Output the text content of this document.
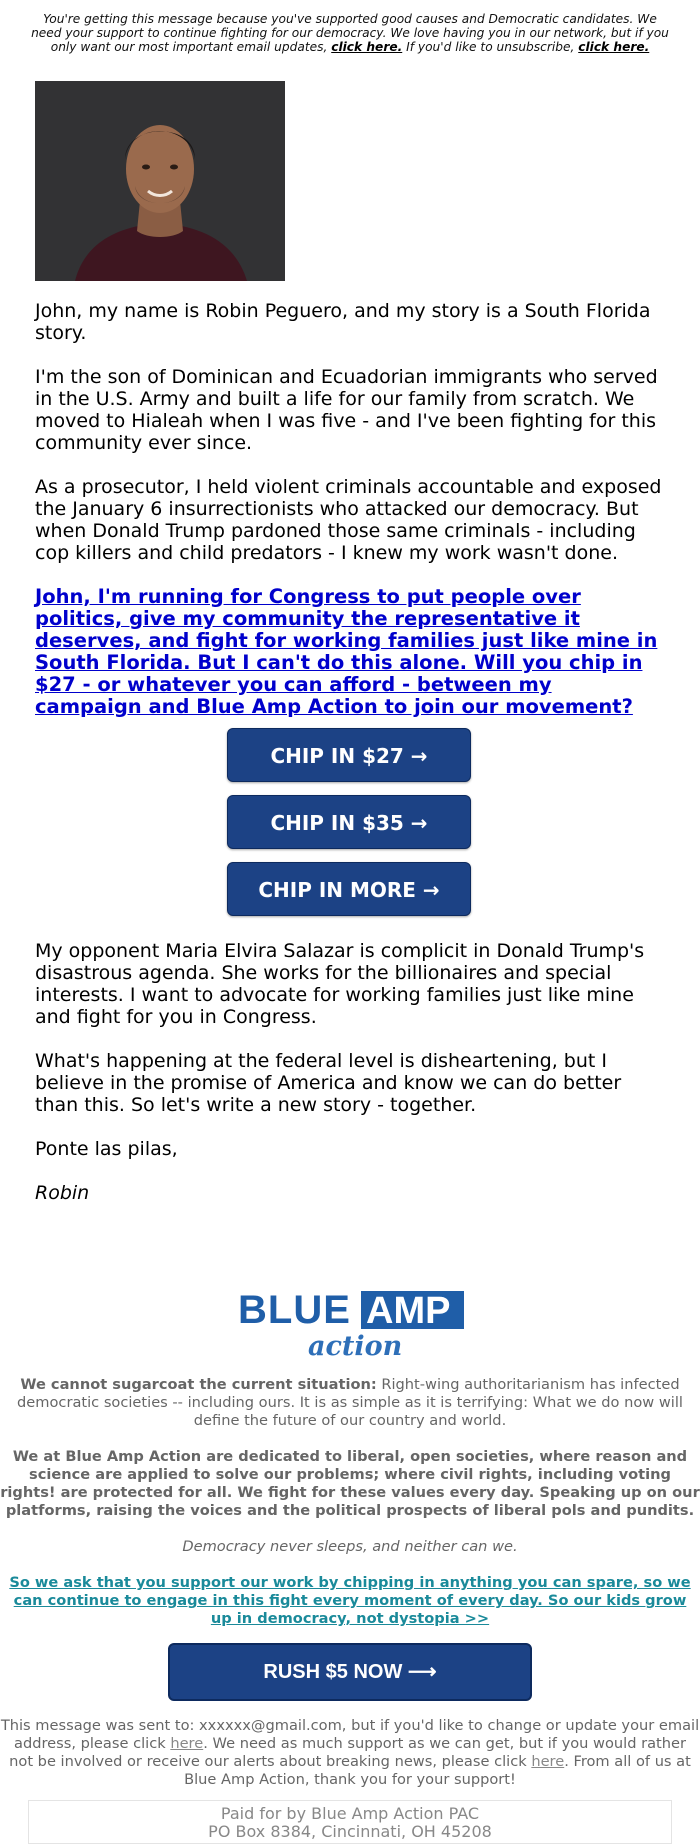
You're getting this message because you've supported good causes and Democratic candidates. We need your support to continue fighting for our democracy. We love having you in our network, but if you only want our most important email updates, click here. If you'd like to unsubscribe, click here.

John, my name is Robin Peguero, and my story is a South Florida story.

I'm the son of Dominican and Ecuadorian immigrants who served in the U.S. Army and built a life for our family from scratch. We moved to Hialeah when I was five - and I've been fighting for this community ever since.

As a prosecutor, I held violent criminals accountable and exposed the January 6 insurrectionists who attacked our democracy. But when Donald Trump pardoned those same criminals - including cop killers and child predators - I knew my work wasn't done.

John, I'm running for Congress to put people over politics, give my community the representative it deserves, and fight for working families just like mine in South Florida. But I can't do this alone. Will you chip in $27 - or whatever you can afford - between my campaign and Blue Amp Action to join our movement?
CHIP IN $27 →
CHIP IN $35 →
CHIP IN MORE →

My opponent Maria Elvira Salazar is complicit in Donald Trump's disastrous agenda. She works for the billionaires and special interests. I want to advocate for working families just like mine and fight for you in Congress.

What's happening at the federal level is disheartening, but I believe in the promise of America and know we can do better than this. So let's write a new story - together.

Ponte las pilas,

Robin

BLUE AMP
action

We cannot sugarcoat the current situation: Right-wing authoritarianism has infected democratic societies -- including ours. It is as simple as it is terrifying: What we do now will define the future of our country and world.

We at Blue Amp Action are dedicated to liberal, open societies, where reason and science are applied to solve our problems; where civil rights, including voting rights! are protected for all. We fight for these values every day. Speaking up on our platforms, raising the voices and the political prospects of liberal pols and pundits.

Democracy never sleeps, and neither can we.

So we ask that you support our work by chipping in anything you can spare, so we can continue to engage in this fight every moment of every day. So our kids grow up in democracy, not dystopia >>

RUSH $5 NOW ⟶
This message was sent to: xxxxxx@gmail.com, but if you'd like to change or update your email address, please click here. We need as much support as we can get, but if you would rather not be involved or receive our alerts about breaking news, please click here. From all of us at Blue Amp Action, thank you for your support!
Paid for by Blue Amp Action PAC
PO Box 8384, Cincinnati, OH 45208
